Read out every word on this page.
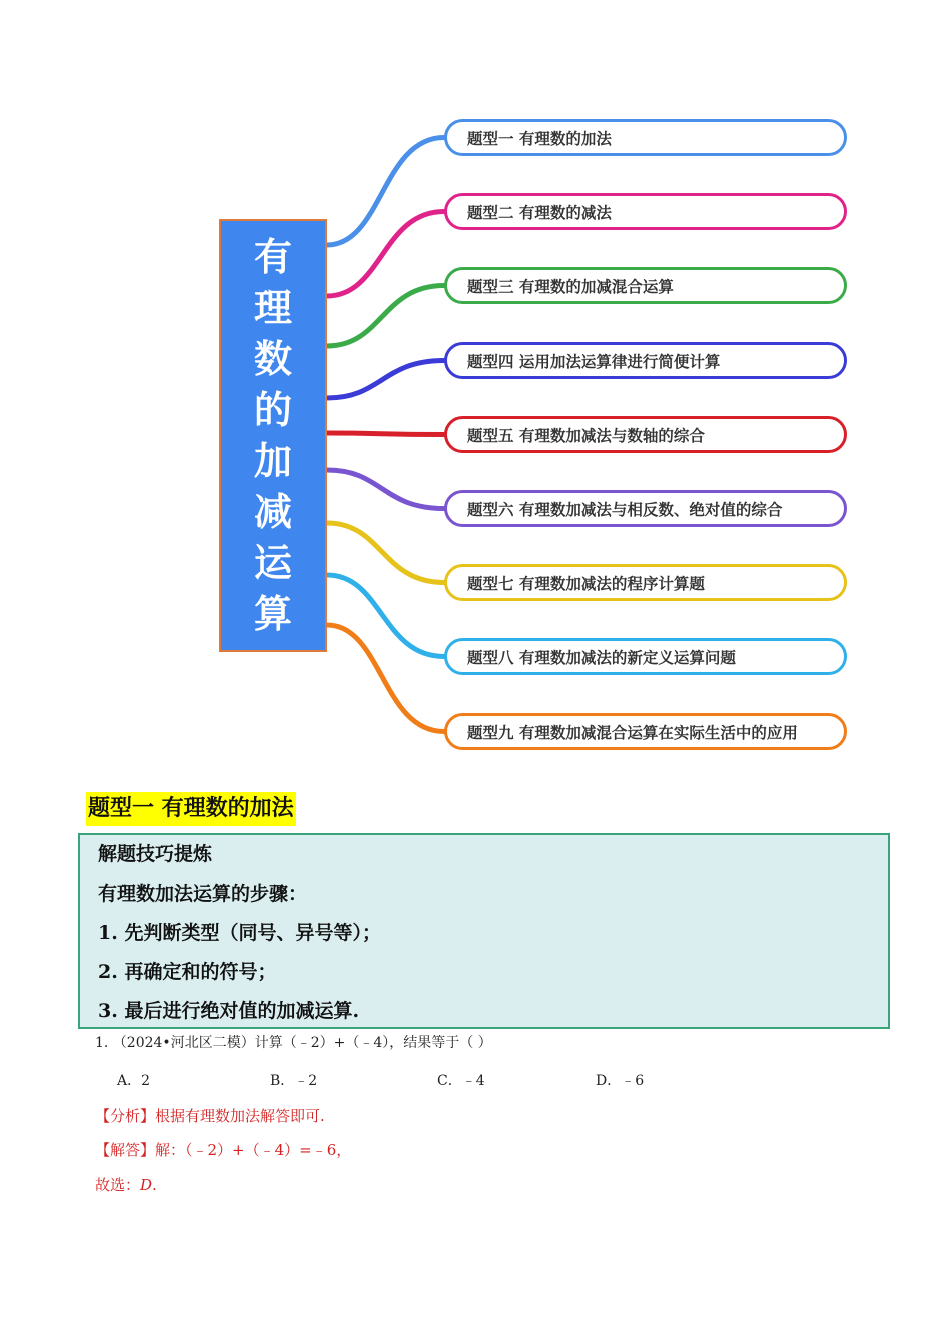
有理数的加减运算
题型一 有理数的加法
题型二 有理数的减法
题型三 有理数的加减混合运算
题型四 运用加法运算律进行简便计算
题型五 有理数加减法与数轴的综合
题型六 有理数加减法与相反数、绝对值的综合
题型七 有理数加减法的程序计算题
题型八 有理数加减法的新定义运算问题
题型九 有理数加减混合运算在实际生活中的应用
题型一 有理数的加法
解题技巧提炼
有理数加法运算的步骤：
1. 先判断类型（同号、异号等）；
2. 再确定和的符号；
3. 最后进行绝对值的加减运算.
1. （2024•河北区二模）计算（﹣2）+（﹣4），结果等于（ ）
A．2	B．﹣2	C．﹣4	D．﹣6
【分析】根据有理数加法解答即可.
【解答】解：（﹣2）+（﹣4）=﹣6，
故选：D.
